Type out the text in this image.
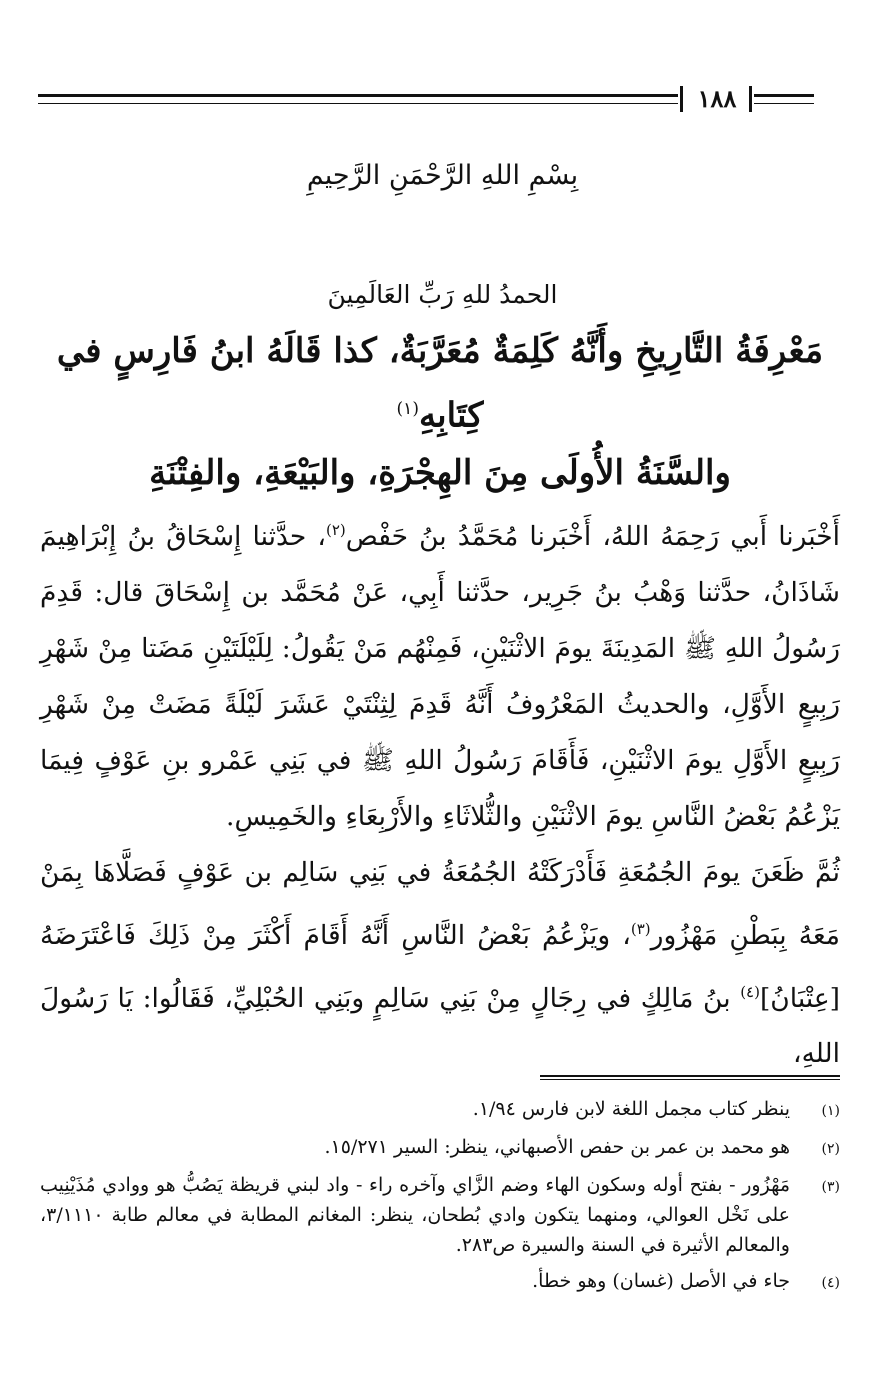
١٨٨
بِسْمِ اللهِ الرَّحْمَنِ الرَّحِيمِ
الحمدُ للهِ رَبِّ العَالَمِينَ
مَعْرِفَةُ التَّارِيخِ وأَنَّهُ كَلِمَةٌ مُعَرَّبَةٌ، كذا قَالَهُ ابنُ فَارِسٍ في كِتَابِهِ$^{(١)}$
والسَّنَةُ الأُولَى مِنَ الهِجْرَةِ، والبَيْعَةِ، والفِتْنَةِ

أَخْبَرنا أَبي رَحِمَهُ اللهُ، أَخْبَرنا مُحَمَّدُ بنُ حَفْص$^{(٢)}$، حدَّثنا إِسْحَاقُ بنُ إِبْرَاهِيمَ شَاذَانُ، حدَّثنا وَهْبُ بنُ جَرِير، حدَّثنا أَبِي، عَنْ مُحَمَّد بن إِسْحَاقَ قال: قَدِمَ رَسُولُ اللهِ ﷺ المَدِينَةَ يومَ الاثْنَيْنِ، فَمِنْهُم مَنْ يَقُولُ: لِلَيْلَتَيْنِ مَضَتا مِنْ شَهْرِ رَبِيعٍ الأَوَّلِ، والحديثُ المَعْرُوفُ أَنَّهُ قَدِمَ لِثِنْتَيْ عَشَرَ لَيْلَةً مَضَتْ مِنْ شَهْرِ رَبِيعٍ الأَوَّلِ يومَ الاثْنَيْنِ، فَأَقَامَ رَسُولُ اللهِ ﷺ في بَنِي عَمْرو بنِ عَوْفٍ فِيمَا يَزْعُمُ بَعْضُ النَّاسِ يومَ الاثْنَيْنِ والثُّلاثَاءِ والأَرْبِعَاءِ والخَمِيسِ.

ثُمَّ ظَعَنَ يومَ الجُمُعَةِ فَأَدْرَكَتْهُ الجُمُعَةُ في بَنِي سَالِم بن عَوْفٍ فَصَلَّاهَا بِمَنْ مَعَهُ بِبَطْنِ مَهْزُور$^{(٣)}$، ويَزْعُمُ بَعْضُ النَّاسِ أَنَّهُ أَقَامَ أَكْثَرَ مِنْ ذَلِكَ فَاعْتَرَضَهُ [عِتْبَانُ]$^{(٤)}$ بنُ مَالِكٍ في رِجَالٍ مِنْ بَنِي سَالِمٍ وبَنِي الحُبْلِيِّ، فَقَالُوا: يَا رَسُولَ اللهِ،

(١)
ينظر كتاب مجمل اللغة لابن فارس ١/٩٤.
(٢)
هو محمد بن عمر بن حفص الأصبهاني، ينظر: السير ١٥/٢٧١.
(٣)
مَهْزُور - بفتح أوله وسكون الهاء وضم الزَّاي وآخره راء - واد لبني قريظة يَصُبُّ هو ووادي مُذَيْنِيب على نَخْل العوالي، ومنهما يتكون وادي بُطحان، ينظر: المغانم المطابة في معالم طابة ٣/١١١٠، والمعالم الأثيرة في السنة والسيرة ص٢٨٣.
(٤)
جاء في الأصل (غسان) وهو خطأ.
